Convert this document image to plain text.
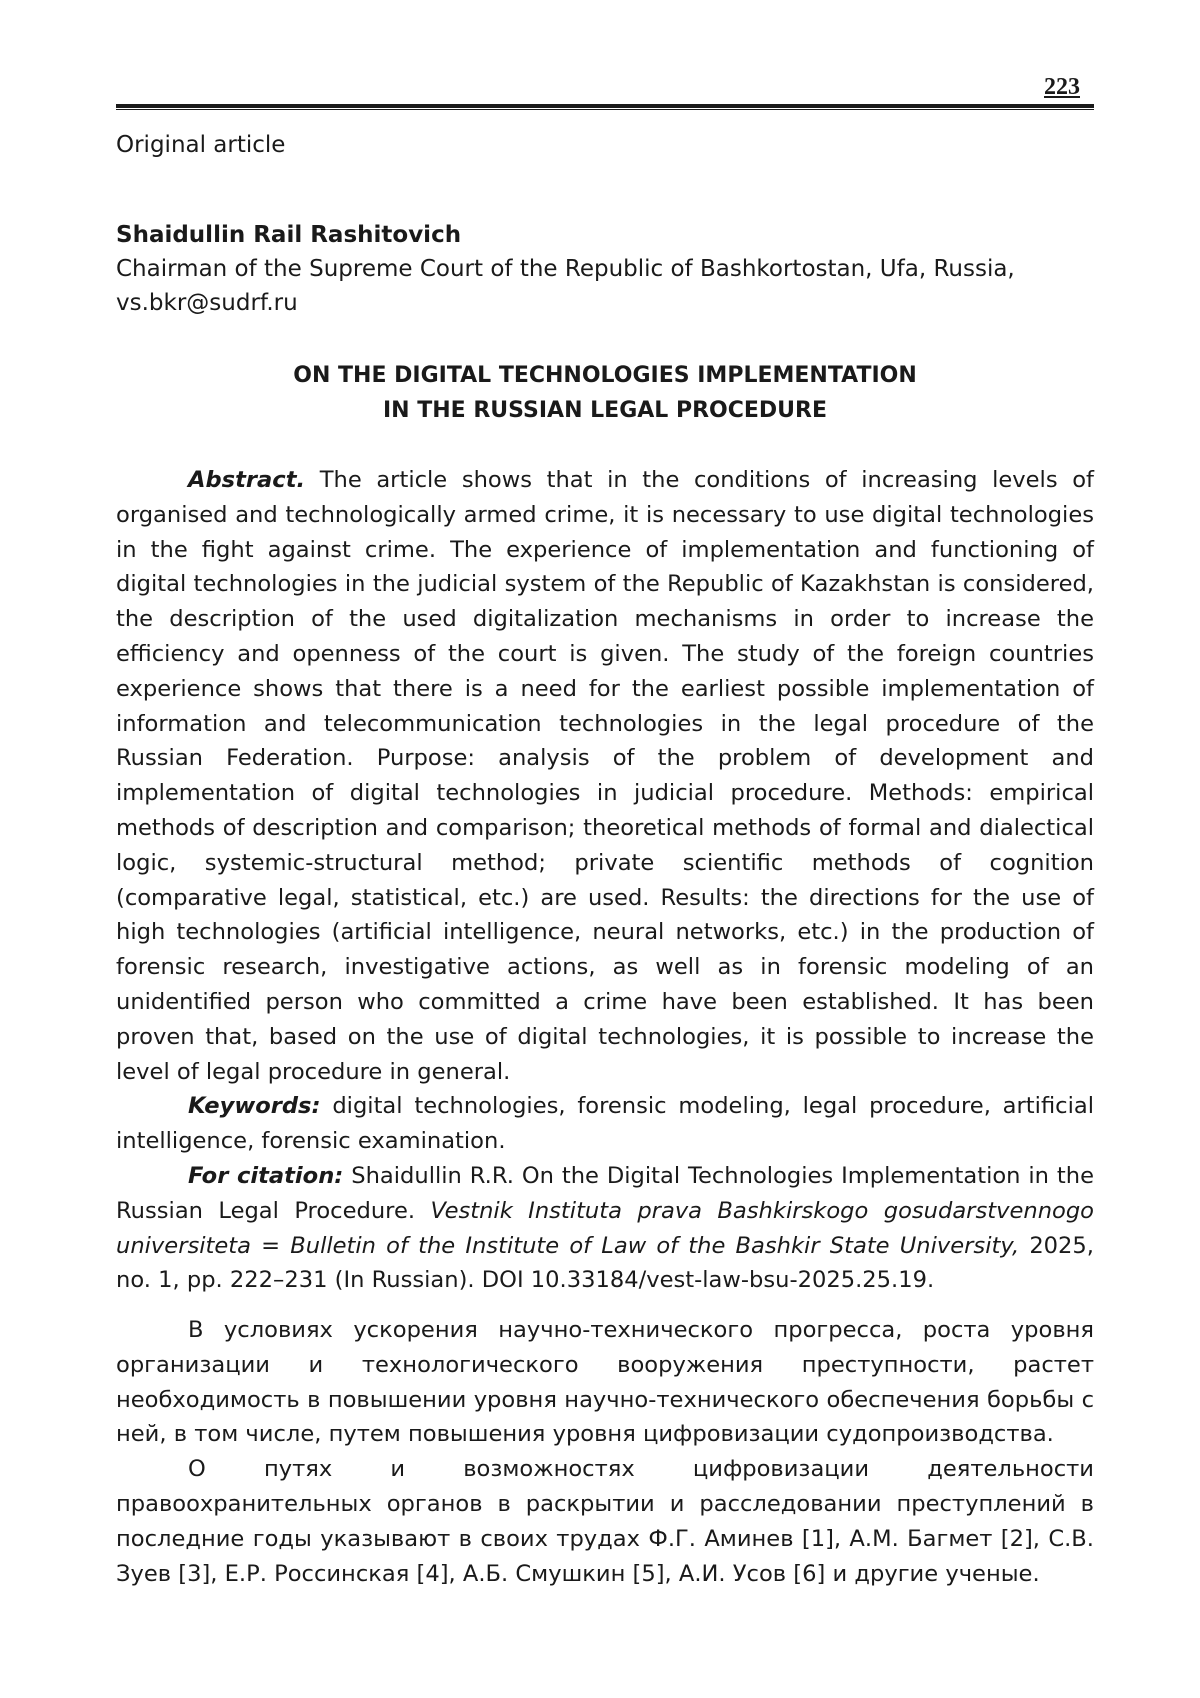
223
Original article
Shaidullin Rail Rashitovich
Chairman of the Supreme Court of the Republic of Bashkortostan, Ufa, Russia,
vs.bkr@sudrf.ru
ON THE DIGITAL TECHNOLOGIES IMPLEMENTATION
IN THE RUSSIAN LEGAL PROCEDURE

Abstract. The article shows that in the conditions of increasing levels of organised and technologically armed crime, it is necessary to use digital technologies in the fight against crime. The experience of implementation and functioning of digital technologies in the judicial system of the Republic of Kazakhstan is considered, the description of the used digitalization mechanisms in order to increase the efficiency and openness of the court is given. The study of the foreign countries experience shows that there is a need for the earliest possible implementation of information and telecommunication technologies in the legal procedure of the Russian Federation. Purpose: analysis of the problem of development and implementation of digital technologies in judicial procedure. Methods: empirical methods of description and comparison; theoretical methods of formal and dialectical logic, systemic-structural method; private scientific methods of cognition (comparative legal, statistical, etc.) are used. Results: the directions for the use of high technologies (artificial intelligence, neural networks, etc.) in the production of forensic research, investigative actions, as well as in forensic modeling of an unidentified person who committed a crime have been established. It has been proven that, based on the use of digital technologies, it is possible to increase the level of legal procedure in general.

Keywords: digital technologies, forensic modeling, legal procedure, artificial intelligence, forensic examination.

For citation: Shaidullin R.R. On the Digital Technologies Implementation in the Russian Legal Procedure. Vestnik Instituta prava Bashkirskogo gosudarstvennogo universiteta = Bulletin of the Institute of Law of the Bashkir State University, 2025, no. 1, pp. 222–231 (In Russian). DOI 10.33184/vest-law-bsu-2025.25.19.

В условиях ускорения научно-технического прогресса, роста уровня организации и технологического вооружения преступности, растет необходимость в повышении уровня научно-технического обеспечения борьбы с ней, в том числе, путем повышения уровня цифровизации судопроизводства.

О путях и возможностях цифровизации деятельности правоохранительных органов в раскрытии и расследовании преступлений в последние годы указывают в своих трудах Ф.Г. Аминев [1], А.М. Багмет [2], С.В. Зуев [3], Е.Р. Россинская [4], А.Б. Смушкин [5], А.И. Усов [6] и другие ученые.
